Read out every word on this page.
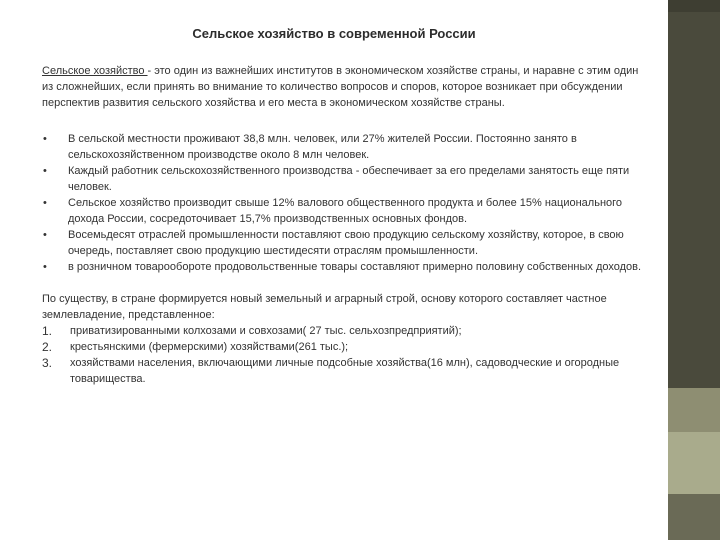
Сельское хозяйство в современной России

Сельское хозяйство - это один из важнейших институтов в экономическом хозяйстве страны, и наравне с этим один из сложнейших, если принять во внимание то количество вопросов и споров, которое возникает при обсуждении перспектив развития сельского хозяйства и его места в экономическом хозяйстве страны.

• В сельской местности проживают 38,8 млн. человек, или 27% жителей России. Постоянно занято в сельскохозяйственном производстве около 8 млн человек.
• Каждый работник сельскохозяйственного производства - обеспечивает за его пределами занятость еще пяти человек.
• Сельское хозяйство производит свыше 12% валового общественного продукта и более 15% национального дохода России, сосредоточивает 15,7% производственных основных фондов.
• Восемьдесят отраслей промышленности поставляют свою продукцию сельскому хозяйству, которое, в свою очередь, поставляет свою продукцию шестидесяти отраслям промышленности.
• в розничном товарообороте продовольственные товары составляют примерно половину собственных доходов.

По существу, в стране формируется новый земельный и аграрный строй, основу которого составляет частное землевладение, представленное:

1. приватизированными колхозами и совхозами( 27 тыс. сельхозпредприятий);
2. крестьянскими (фермерскими) хозяйствами(261 тыс.);
3. хозяйствами населения, включающими личные подсобные хозяйства(16 млн), садоводческие и огородные товарищества.
